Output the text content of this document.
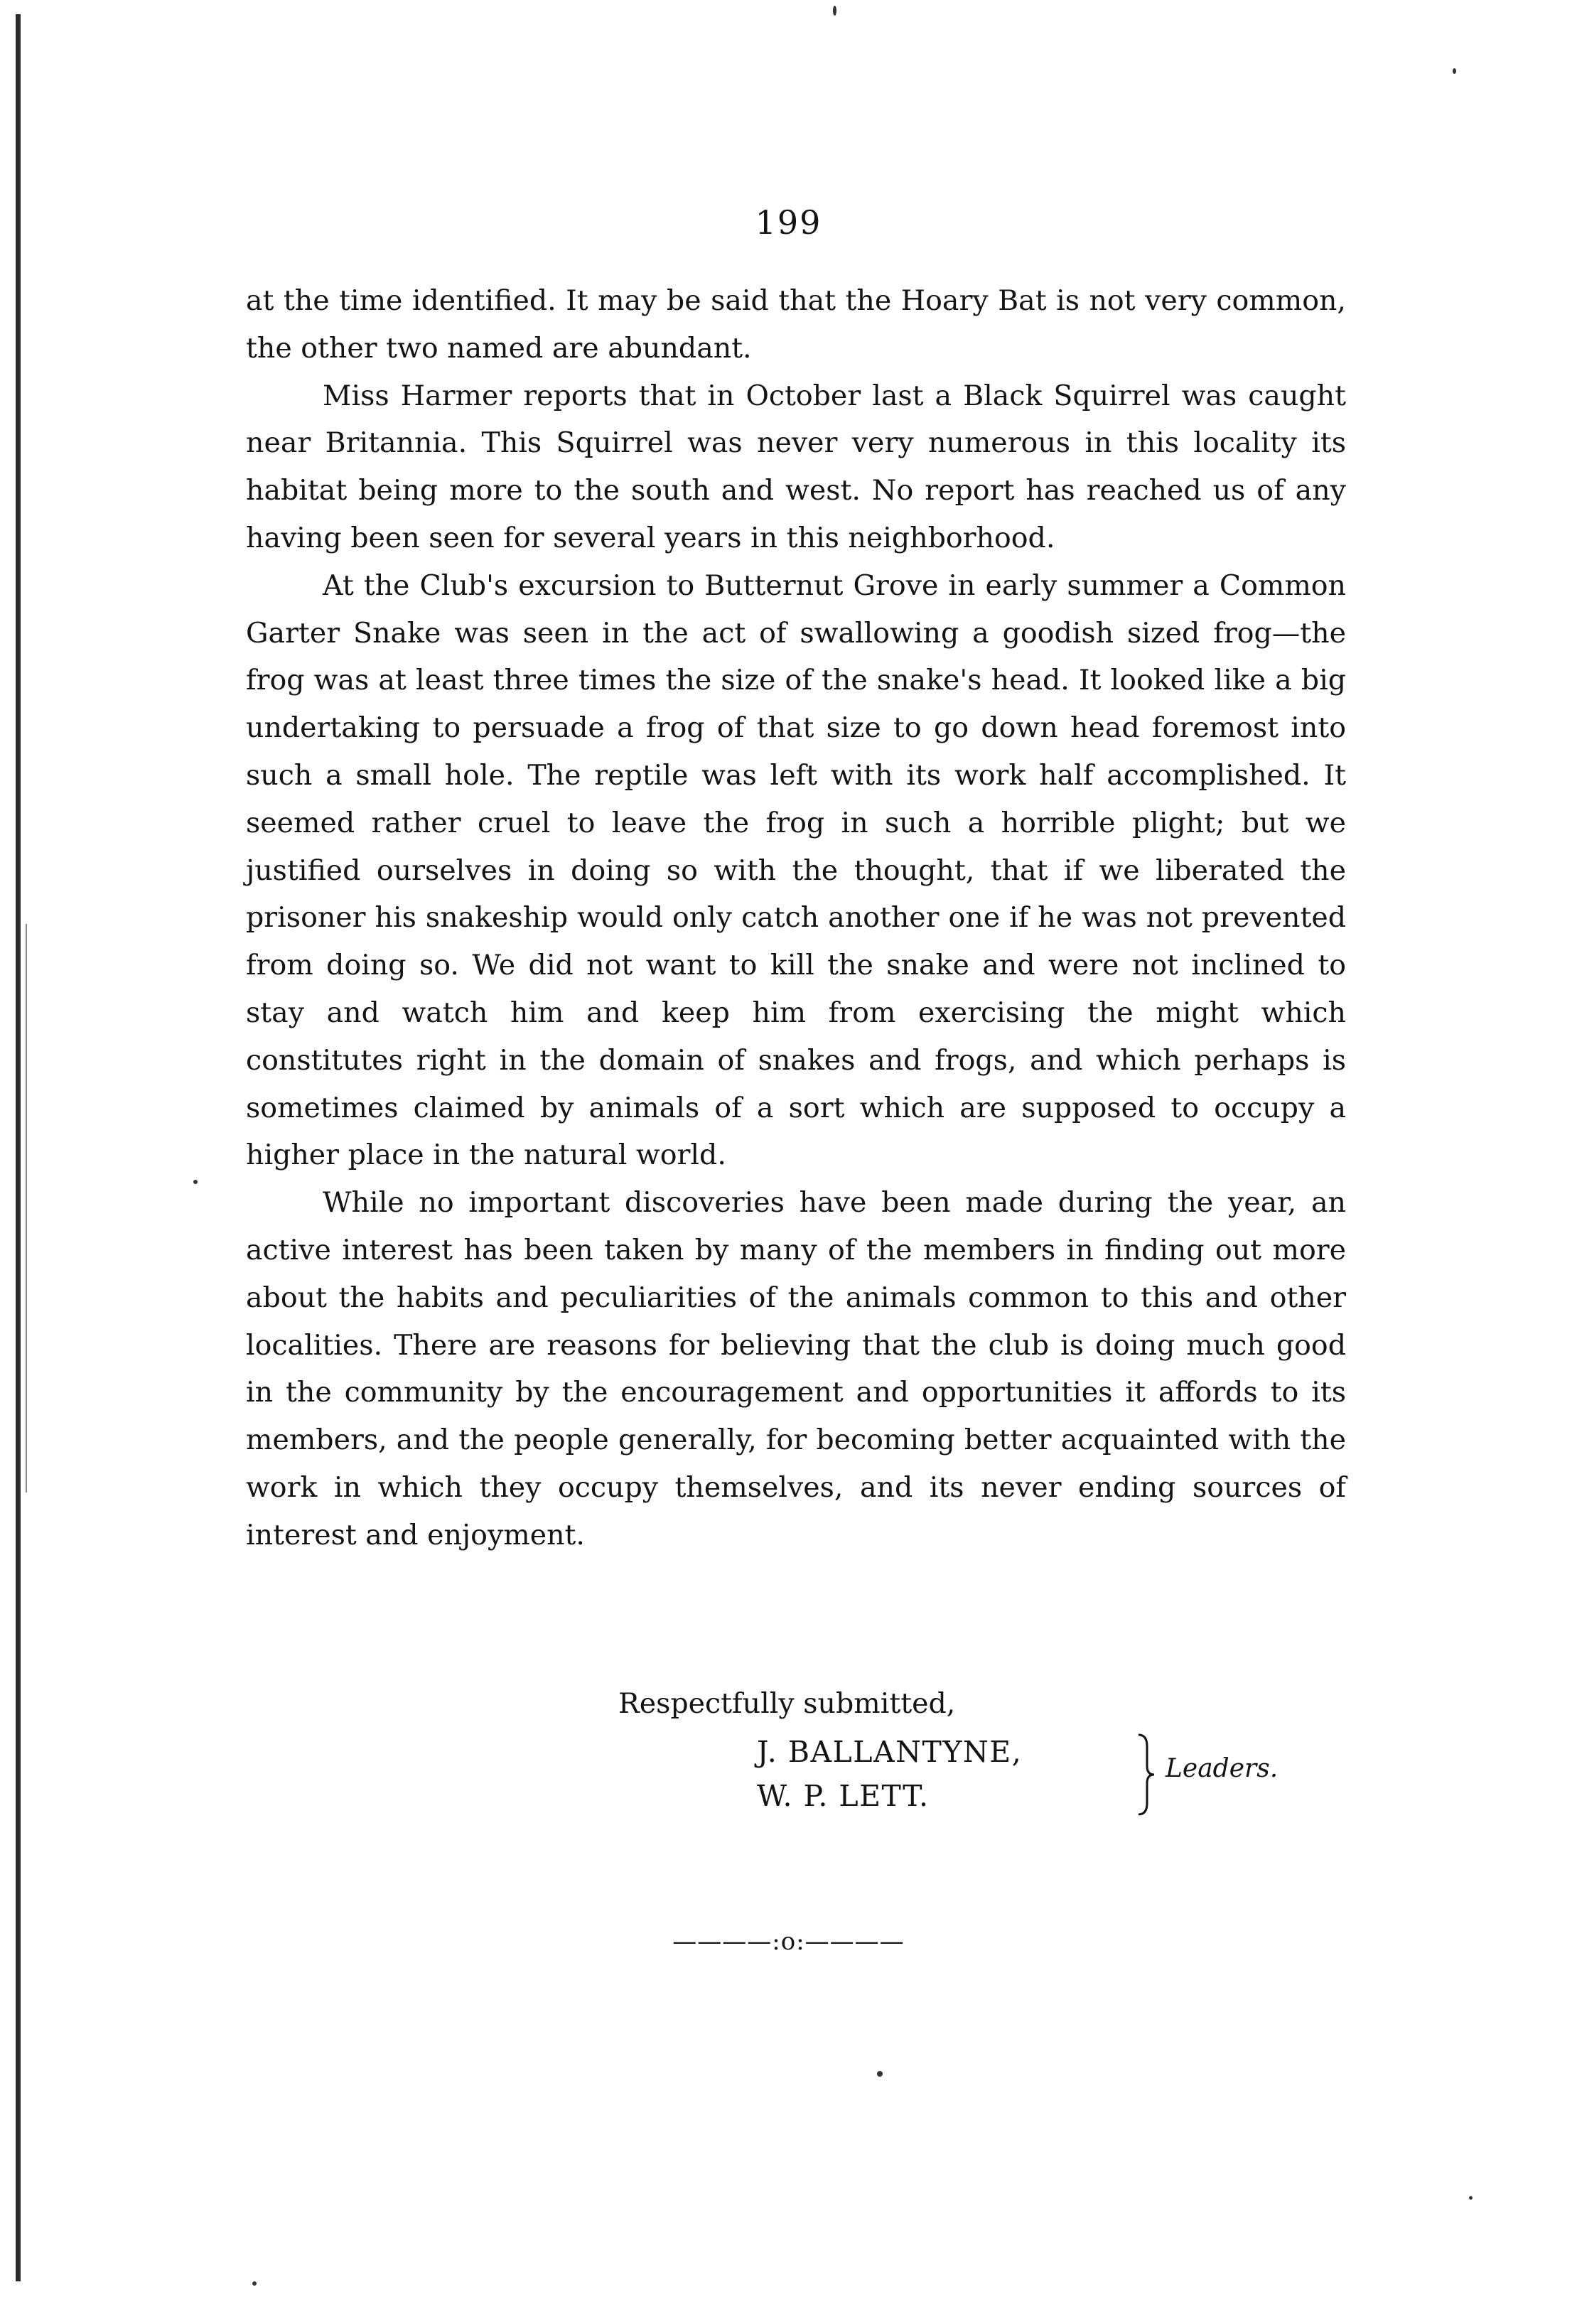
199

at the time identified. It may be said that the Hoary Bat is not very common, the other two named are abundant.

Miss Harmer reports that in October last a Black Squirrel was caught near Britannia. This Squirrel was never very numerous in this locality its habitat being more to the south and west. No report has reached us of any having been seen for several years in this neighborhood.

At the Club's excursion to Butternut Grove in early summer a Common Garter Snake was seen in the act of swallowing a goodish sized frog—the frog was at least three times the size of the snake's head. It looked like a big undertaking to persuade a frog of that size to go down head foremost into such a small hole. The reptile was left with its work half accomplished. It seemed rather cruel to leave the frog in such a horrible plight; but we justified ourselves in doing so with the thought, that if we liberated the prisoner his snakeship would only catch another one if he was not prevented from doing so. We did not want to kill the snake and were not inclined to stay and watch him and keep him from exercising the might which constitutes right in the domain of snakes and frogs, and which perhaps is sometimes claimed by animals of a sort which are supposed to occupy a higher place in the natural world.

While no important discoveries have been made during the year, an active interest has been taken by many of the members in finding out more about the habits and peculiarities of the animals common to this and other localities. There are reasons for believing that the club is doing much good in the community by the encouragement and opportunities it affords to its members, and the people generally, for becoming better acquainted with the work in which they occupy themselves, and its never ending sources of interest and enjoyment.

Respectfully submitted,
J. BALLANTYNE,
W. P. LETT.
Leaders.
————:o:————
